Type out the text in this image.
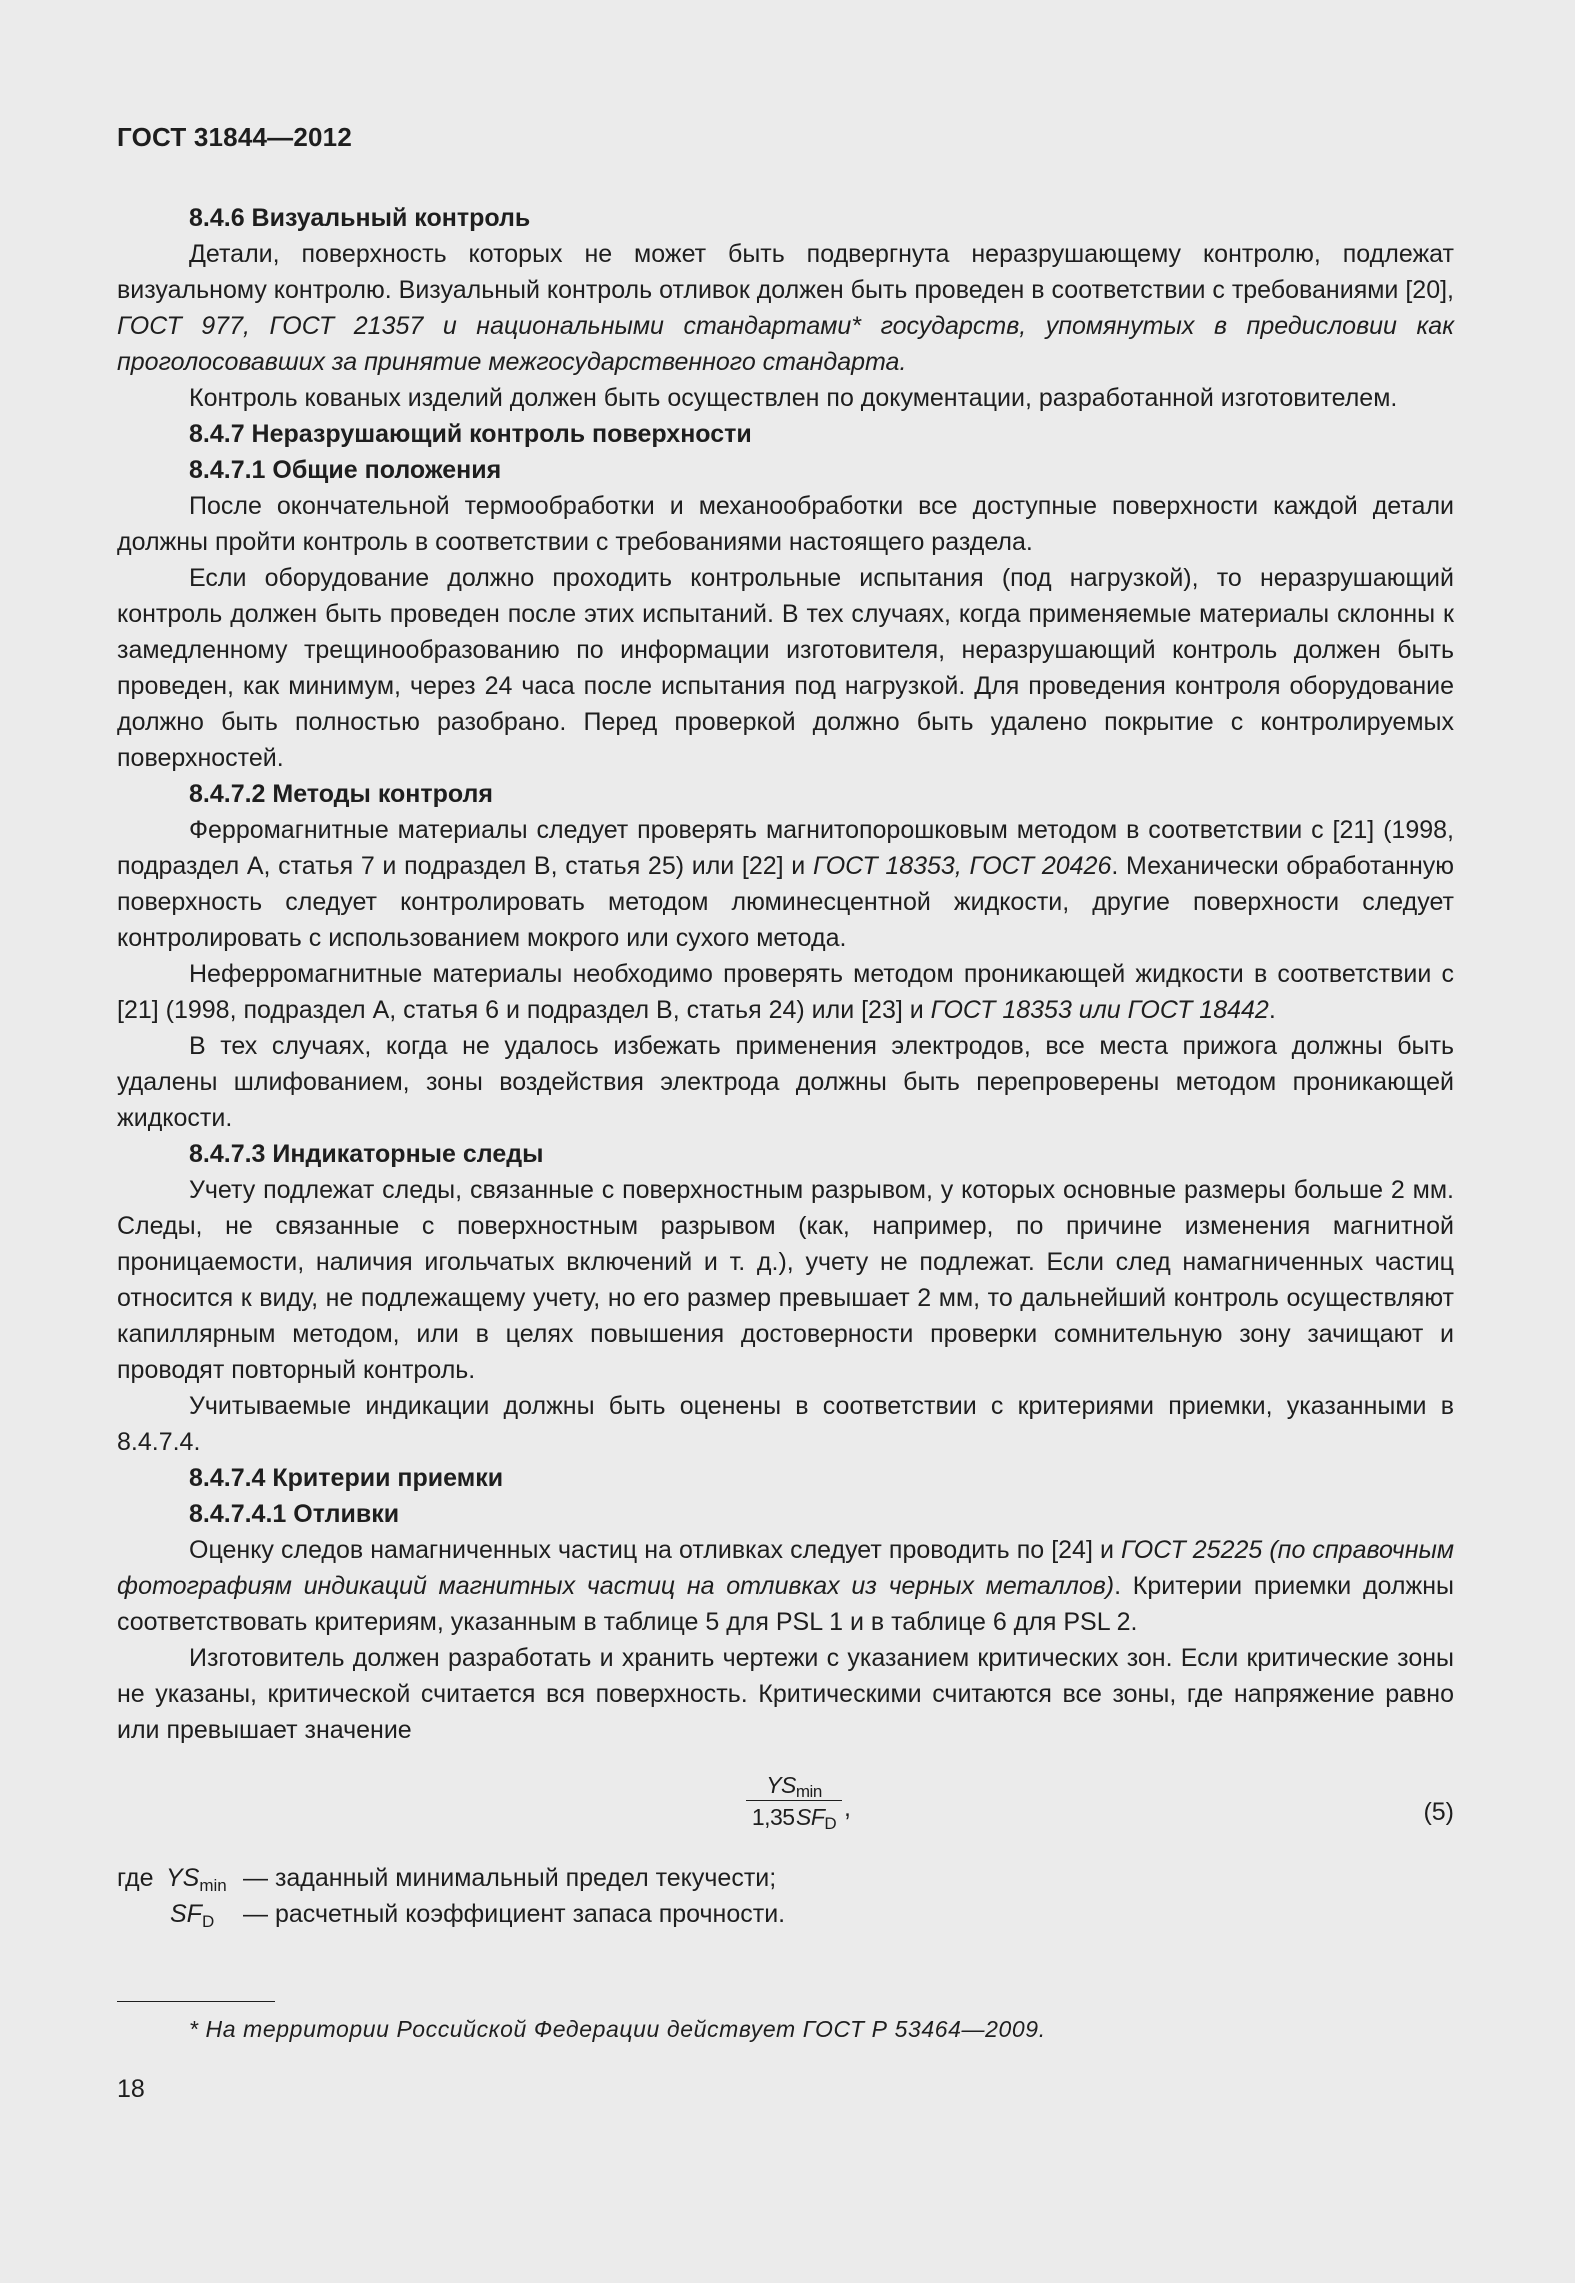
ГОСТ 31844—2012

8.4.6 Визуальный контроль

Детали, поверхность которых не может быть подвергнута неразрушающему контролю, подлежат визуальному контролю. Визуальный контроль отливок должен быть проведен в соответствии с требованиями [20], ГОСТ 977, ГОСТ 21357 и национальными стандартами* государств, упомянутых в предисловии как проголосовавших за принятие межгосударственного стандарта.

Контроль кованых изделий должен быть осуществлен по документации, разработанной изготовителем.

8.4.7 Неразрушающий контроль поверхности

8.4.7.1 Общие положения

После окончательной термообработки и механообработки все доступные поверхности каждой детали должны пройти контроль в соответствии с требованиями настоящего раздела.

Если оборудование должно проходить контрольные испытания (под нагрузкой), то неразрушающий контроль должен быть проведен после этих испытаний. В тех случаях, когда применяемые материалы склонны к замедленному трещинообразованию по информации изготовителя, неразрушающий контроль должен быть проведен, как минимум, через 24 часа после испытания под нагрузкой. Для проведения контроля оборудование должно быть полностью разобрано. Перед проверкой должно быть удалено покрытие с контролируемых поверхностей.

8.4.7.2 Методы контроля

Ферромагнитные материалы следует проверять магнитопорошковым методом в соответствии с [21] (1998, подраздел А, статья 7 и подраздел В, статья 25) или [22] и ГОСТ 18353, ГОСТ 20426. Механически обработанную поверхность следует контролировать методом люминесцентной жидкости, другие поверхности следует контролировать с использованием мокрого или сухого метода.

Неферромагнитные материалы необходимо проверять методом проникающей жидкости в соответствии с [21] (1998, подраздел А, статья 6 и подраздел В, статья 24) или [23] и ГОСТ 18353 или ГОСТ 18442.

В тех случаях, когда не удалось избежать применения электродов, все места прижога должны быть удалены шлифованием, зоны воздействия электрода должны быть перепроверены методом проникающей жидкости.

8.4.7.3 Индикаторные следы

Учету подлежат следы, связанные с поверхностным разрывом, у которых основные размеры больше 2 мм. Следы, не связанные с поверхностным разрывом (как, например, по причине изменения магнитной проницаемости, наличия игольчатых включений и т. д.), учету не подлежат. Если след намагниченных частиц относится к виду, не подлежащему учету, но его размер превышает 2 мм, то дальнейший контроль осуществляют капиллярным методом, или в целях повышения достоверности проверки сомнительную зону зачищают и проводят повторный контроль.

Учитываемые индикации должны быть оценены в соответствии с критериями приемки, указанными в 8.4.7.4.

8.4.7.4 Критерии приемки

8.4.7.4.1 Отливки

Оценку следов намагниченных частиц на отливках следует проводить по [24] и ГОСТ 25225 (по справочным фотографиям индикаций магнитных частиц на отливках из черных металлов). Критерии приемки должны соответствовать критериям, указанным в таблице 5 для PSL 1 и в таблице 6 для PSL 2.

Изготовитель должен разработать и хранить чертежи с указанием критических зон. Если критические зоны не указаны, критической считается вся поверхность. Критическими считаются все зоны, где напряжение равно или превышает значение

$YS_{min}$
1,35 $SF_D$
,	(5)
где $YS_{min}$ — заданный минимальный предел текучести;
$SF_D$ — расчетный коэффициент запаса прочности.
* На территории Российской Федерации действует ГОСТ Р 53464—2009.
18
